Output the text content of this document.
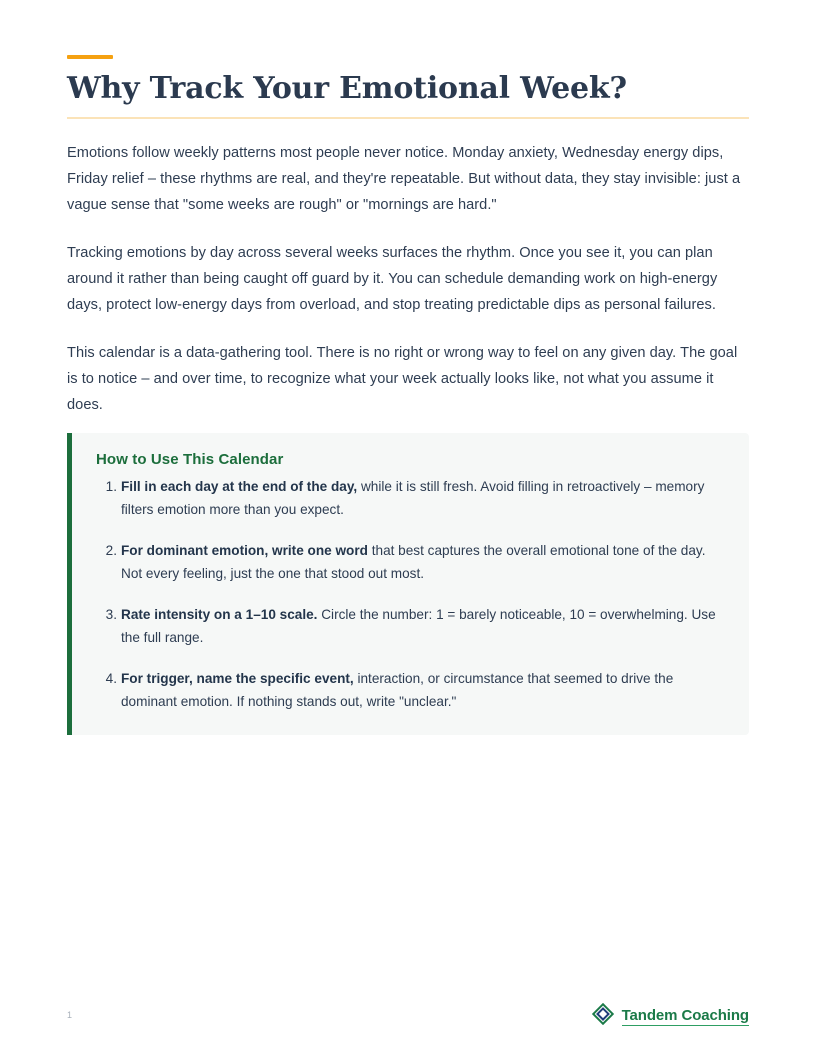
Why Track Your Emotional Week?

Emotions follow weekly patterns most people never notice. Monday anxiety, Wednesday energy dips, Friday relief – these rhythms are real, and they're repeatable. But without data, they stay invisible: just a vague sense that "some weeks are rough" or "mornings are hard."

Tracking emotions by day across several weeks surfaces the rhythm. Once you see it, you can plan around it rather than being caught off guard by it. You can schedule demanding work on high-energy days, protect low-energy days from overload, and stop treating predictable dips as personal failures.

This calendar is a data-gathering tool. There is no right or wrong way to feel on any given day. The goal is to notice – and over time, to recognize what your week actually looks like, not what you assume it does.

How to Use This Calendar
Fill in each day at the end of the day, while it is still fresh. Avoid filling in retroactively – memory filters emotion more than you expect.
For dominant emotion, write one word that best captures the overall emotional tone of the day. Not every feeling, just the one that stood out most.
Rate intensity on a 1–10 scale. Circle the number: 1 = barely noticeable, 10 = overwhelming. Use the full range.
For trigger, name the specific event, interaction, or circumstance that seemed to drive the dominant emotion. If nothing stands out, write "unclear."
1	Tandem Coaching
